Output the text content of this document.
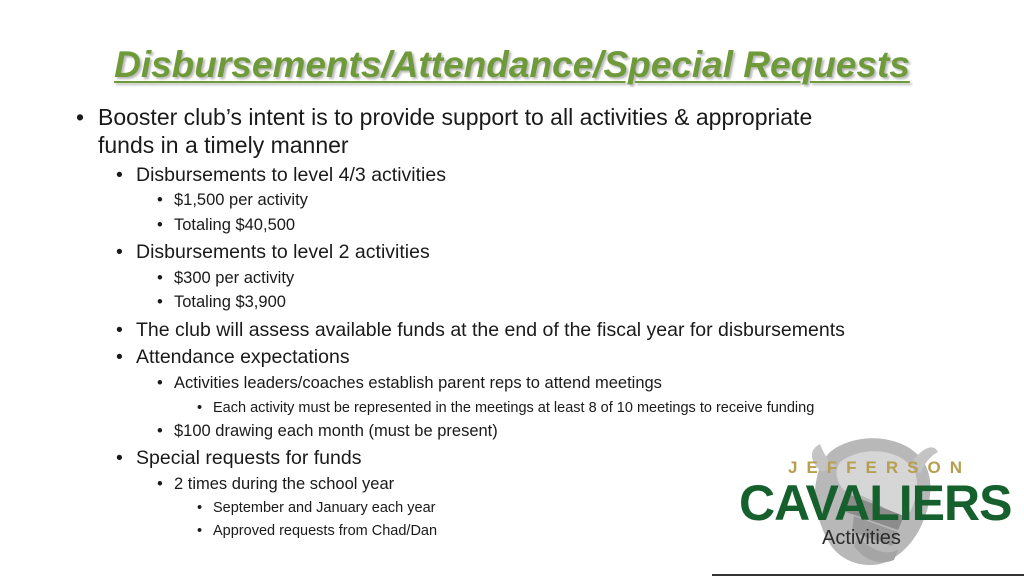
Disbursements/Attendance/Special Requests
• Booster club’s intent is to provide support to all activities & appropriate
funds in a timely manner
• Disbursements to level 4/3 activities
• $1,500 per activity
• Totaling $40,500
• Disbursements to level 2 activities
• $300 per activity
• Totaling $3,900
• The club will assess available funds at the end of the fiscal year for disbursements
• Attendance expectations
• Activities leaders/coaches establish parent reps to attend meetings
• Each activity must be represented in the meetings at least 8 of 10 meetings to receive funding
• $100 drawing each month (must be present)
• Special requests for funds
• 2 times during the school year
• September and January each year
• Approved requests from Chad/Dan
JEFFERSON
CAVALIERS
Activities
